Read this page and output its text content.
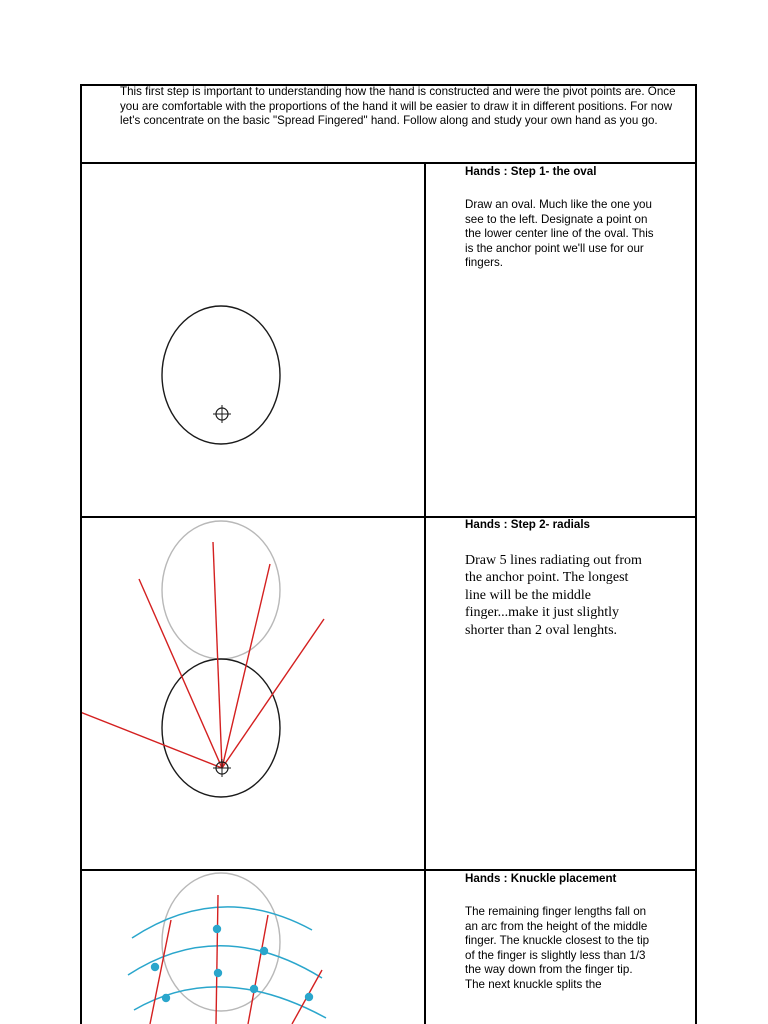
This first step is important to understanding how the hand is constructed and were the pivot points are. Once you are comfortable with the proportions of the hand it will be easier to draw it in different positions. For now let's concentrate on the basic "Spread Fingered" hand. Follow along and study your own hand as you go.

Hands : Step 1- the oval

Draw an oval. Much like the one you see to the left. Designate a point on the lower center line of the oval. This is the anchor point we'll use for our fingers.

Hands : Step 2- radials

Draw 5 lines radiating out from the anchor point. The longest line will be the middle finger...make it just slightly shorter than 2 oval lenghts.

Hands : Knuckle placement

The remaining finger lengths fall on an arc from the height of the middle finger. The knuckle closest to the tip of the finger is slightly less than 1/3 the way down from the finger tip. The next knuckle splits the
